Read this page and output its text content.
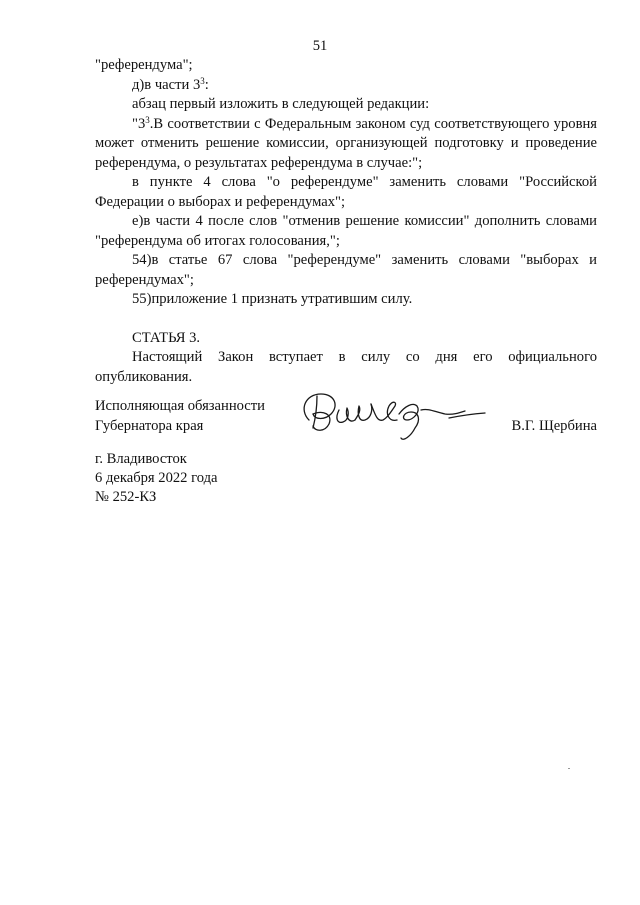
51

"референдума";

д)в части $3^3$:

абзац первый изложить в следующей редакции:

"$3^3.В$ соответствии с Федеральным законом суд соответствующего уровня может отменить решение комиссии, организующей подготовку и проведение референдума, о результатах референдума в случае:";

в пункте 4 слова "о референдуме" заменить словами "Российской Федерации о выборах и референдумах";

е)в части 4 после слов "отменив решение комиссии" дополнить словами "референдума об итогах голосования,";

54)в статье 67 слова "референдуме" заменить словами "выборах и референдумах";

55)приложение 1 признать утратившим силу.

СТАТЬЯ 3.

Настоящий Закон вступает в силу со дня его официального опубликования.

Исполняющая обязанности
Губернатора края	В.Г. Щербина
г. Владивосток
6 декабря 2022 года
№ 252-КЗ
